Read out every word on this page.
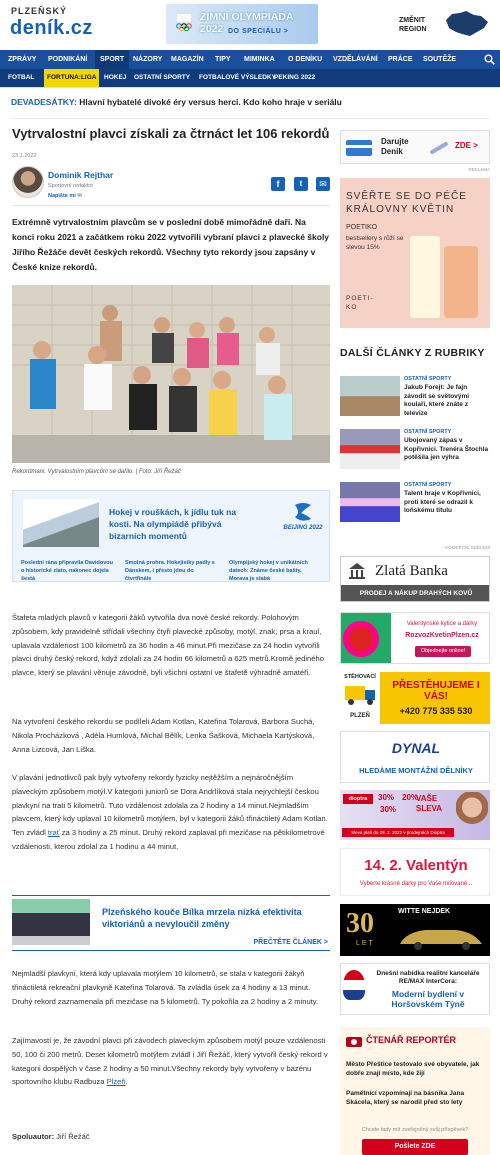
PLZEŇSKÝ
deník.cz	ZIMNÍ OLYMPIÁDA 2022 DO SPECIÁLU >
ZMĚNIT REGION
ZPRÁVY PODNIKÁNÍ	SPORT	NÁZORY MAGAZÍN TIPY MIMINKA O DENÍKU VZDĚLÁVÁNÍ PRÁCE SOUTĚŽE
FOTBAL	FORTUNA:LIGA	HOKEJ OSTATNÍ SPORTY FOTBALOVÉ VÝSLEDKY
PEKING 2022
DEVADESÁTKY: Hlavní hybatelé divoké éry versus herci. Kdo koho hraje v seriálu
Vytrvalostní plavci získali za čtrnáct let 106 rekordů
23.1.2022
Dominik Rejthar
Sportovní redaktor
Napište mi ✉
f	t	✉
Extrémně vytrvalostním plavcům se v poslední době mimořádně daří. Na konci roku 2021 a začátkem roku 2022 vytvořili vybraní plavci z plavecké školy Jiřího Řežáče devět českých rekordů. Všechny tyto rekordy jsou zapsány v České knize rekordů.
Rekordmani. Vytrvalostním plavcům se dařilo. | Foto: Jiří Řežáč
Hokej v rouškách, k jídlu tuk na kosti. Na olympiádě přibývá bizarních momentů
BEIJING 2022
Poslední rána připravila Davidovou o historické zlato, nakonec dojela šestá
Smolná prohra. Hokejistky padly s Dánskem, i přesto jdou do čtvrtfinále
Olympijský hokej v unikátních datech: Známe české bašty, Morava je slabá
Štafeta mladých plavců v kategorii žáků vytvořila dva nové české rekordy. Polohovým způsobem, kdy pravidelně střídali všechny čtyři plavecké způsoby, motýl, znak, prsa a kraul, uplavala vzdálenost 100 kilometrů za 36 hodin a 46 minut.Při mezičase za 24 hodin vytvořili plavci druhý český rekord, když zdolali za 24 hodin 66 kilometrů a 625 metrů.Kromě jediného plavce, který se plavání věnuje závodně, byli všichni ostatní ve štafetě výhradně amatéři.
Na vytvoření českého rekordu se podíleli Adam Kotlan, Kateřina Tolarová, Barbora Suchá, Nikola Procházková , Adéla Humlová, Michal Bělík, Lenka Šašková, Michaela Kartýsková, Anna Lizcová, Jan Liška.
V plavání jednotlivců pak byly vytvořeny rekordy fyzicky nejtěžším a nejnáročnějším plaveckým způsobem motýl.V kategorii juniorů se Dora Andrlíková stala nejrychlejší českou plavkyní na trati 5 kilometrů. Tuto vzdálenost zdolala za 2 hodiny a 14 minut.Nejmladším plavcem, který kdy uplaval 10 kilometrů motýlem, byl v kategorii žáků třináctiletý Adam Kotlan. Ten zvládl trať za 3 hodiny a 25 minut. Druhý rekord zaplaval při mezičase na pětikilometrové vzdálenosti, kterou zdolal za 1 hodinu a 44 minut.
Plzeňského kouče Bílka mrzela nízká efektivita viktoriánů a nevyloučil změny
PŘEČTĚTE ČLÁNEK >
Nejmladší plavkyní, která kdy uplavala motýlem 10 kilometrů, se stala v kategorii žákyň třináctiletá rekreační plavkyně Kateřina Tolarová. Ta zvládla úsek za 4 hodiny a 13 minut. Druhý rekord zaznamenala při mezičase na 5 kilometrů. Ty pokořila za 2 hodiny a 2 minuty.
Zajímavostí je, že závodní plavci při závodech plaveckým způsobem motýl pouze vzdálenosti 50, 100 či 200 metrů. Deset kilometrů motýlem zvládl i Jiří Řežáč, který vytvořil český rekord v kategorii dospělých v čase 2 hodiny a 50 minut.Všechny rekordy byly vytvořeny v bazénu sportovního klubu Radbuza Plzeň.
Spoluautor: Jiří Řežáč
Darujte Deník
ZDE >
REKLAMA
SVĚŘTE SE DO PÉČE KRÁLOVNY KVĚTIN
POETIKO
bestsellery s růží se slevou 15%
POETI-KO
DALŠÍ ČLÁNKY Z RUBRIKY
OSTATNÍ SPORTY
Jakub Forejt: Je fajn závodit se světovými koulaři, které znáte z televize
OSTATNÍ SPORTY
Ubojovaný zápas v Kopřivnici. Trenéra Štochla potěšila jen výhra
OSTATNÍ SPORTY
Talent hraje v Kopřivnici, proti které se odrazil k loňskému titulu
KOMERČNÍ SDĚLENÍ
Zlatá Banka
PRODEJ A NÁKUP DRAHÝCH KOVŮ
Valentýnské kytice a dárky
RozvozKvetinPlzen.cz
Objednejte online!
STĚHOVACÍ
PLZEŇ
PŘESTĚHUJEME I VÁS!
+420 775 335 530
DYNAL
HLEDÁME MONTÁŽNÍ DĚLNÍKY
dioptra	30% 20%
30%
VAŠE
SLEVA
Sleva platí do 28. 2. 2022 v prodejnách Dioptra
14. 2. Valentýn
Vyberte krásné dárky pro Vaše milované...
30
LET
WITTE NEJDEK
Dnešní nabídka realitní kanceláře RE/MAX InterCora:
Moderní bydlení v Horšovském Týně
ČTENÁŘ REPORTÉR
Město Přeštice testovalo své obyvatele, jak dobře znají místo, kde žijí
Pamětnící vzpomínají na básníka Jana Skácela, který se narodil před sto lety
Chcete tady mít zveřejněný svůj příspěvek?
Pošlete ZDE
